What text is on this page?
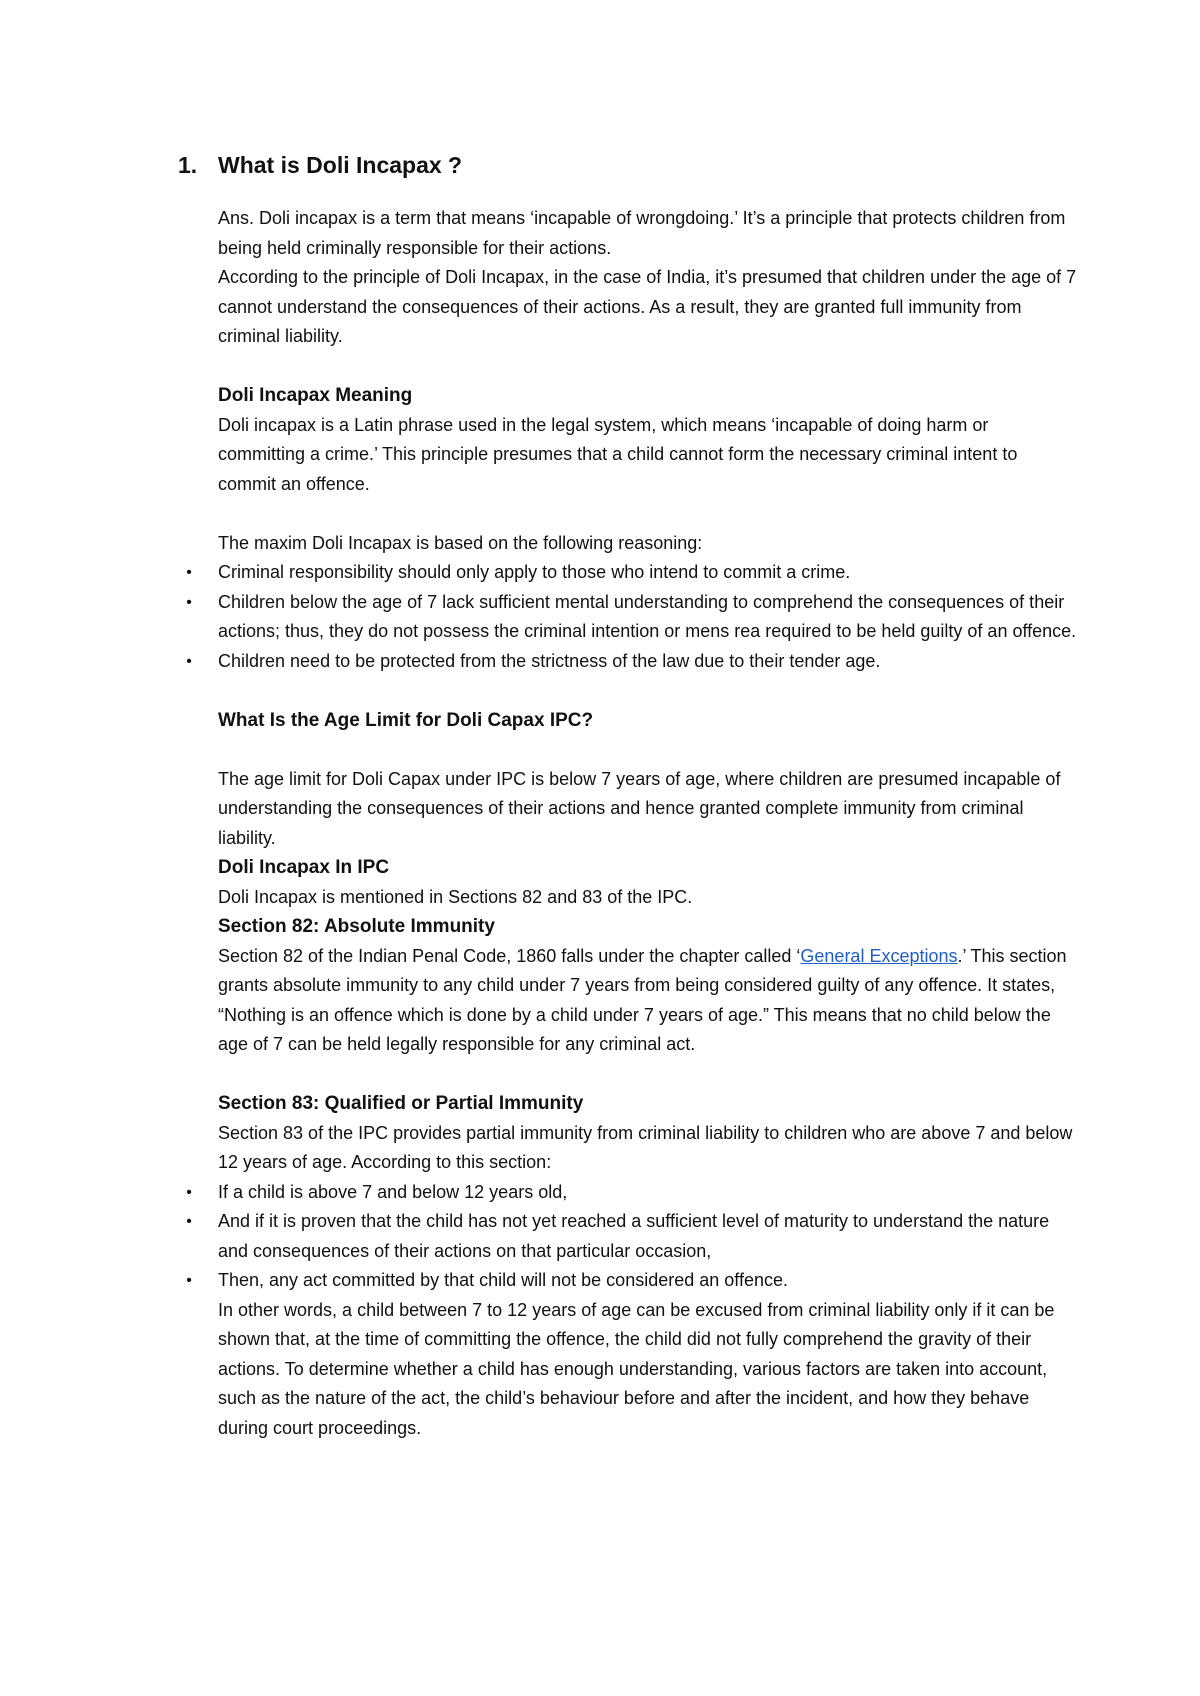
1. What is Doli Incapax ?

Ans. Doli incapax is a term that means ‘incapable of wrongdoing.’ It’s a principle that protects children from being held criminally responsible for their actions.

According to the principle of Doli Incapax, in the case of India, it’s presumed that children under the age of 7 cannot understand the consequences of their actions. As a result, they are granted full immunity from criminal liability.

Doli Incapax Meaning

Doli incapax is a Latin phrase used in the legal system, which means ‘incapable of doing harm or committing a crime.’ This principle presumes that a child cannot form the necessary criminal intent to commit an offence.

The maxim Doli Incapax is based on the following reasoning:

• Criminal responsibility should only apply to those who intend to commit a crime.
• Children below the age of 7 lack sufficient mental understanding to comprehend the consequences of their actions; thus, they do not possess the criminal intention or mens rea required to be held guilty of an offence.
• Children need to be protected from the strictness of the law due to their tender age.

What Is the Age Limit for Doli Capax IPC?

The age limit for Doli Capax under IPC is below 7 years of age, where children are presumed incapable of understanding the consequences of their actions and hence granted complete immunity from criminal liability.

Doli Incapax In IPC

Doli Incapax is mentioned in Sections 82 and 83 of the IPC.

Section 82: Absolute Immunity

Section 82 of the Indian Penal Code, 1860 falls under the chapter called ‘General Exceptions.’ This section grants absolute immunity to any child under 7 years from being considered guilty of any offence. It states, “Nothing is an offence which is done by a child under 7 years of age.” This means that no child below the age of 7 can be held legally responsible for any criminal act.

Section 83: Qualified or Partial Immunity

Section 83 of the IPC provides partial immunity from criminal liability to children who are above 7 and below 12 years of age. According to this section:

• If a child is above 7 and below 12 years old,
• And if it is proven that the child has not yet reached a sufficient level of maturity to understand the nature and consequences of their actions on that particular occasion,
• Then, any act committed by that child will not be considered an offence.

In other words, a child between 7 to 12 years of age can be excused from criminal liability only if it can be shown that, at the time of committing the offence, the child did not fully comprehend the gravity of their actions. To determine whether a child has enough understanding, various factors are taken into account, such as the nature of the act, the child’s behaviour before and after the incident, and how they behave during court proceedings.
